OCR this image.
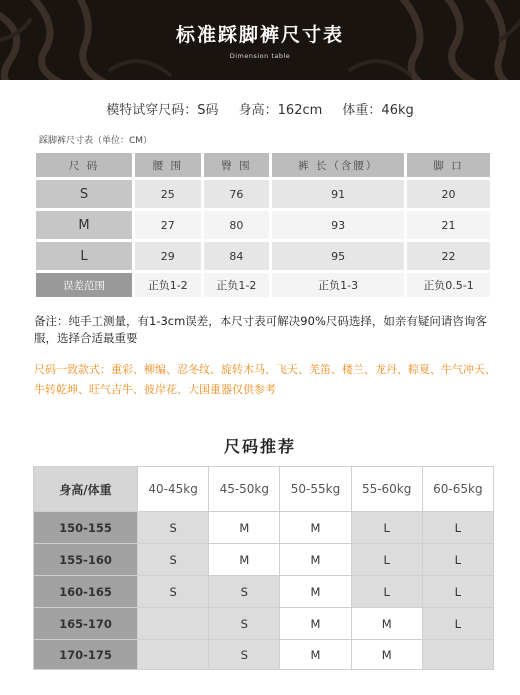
标准踩脚裤尺寸表
Dimension table
模特试穿尺码：S码 身高：162cm 体重：46kg
踩脚裤尺寸表（单位：CM）
尺 码	腰 围	臀 围	裤 长（含腰）	脚 口
S	25	76	91	20
M	27	80	93	21
L	29	84	95	22
误差范围	正负1-2	正负1-2	正负1-3	正负0.5-1
备注：纯手工测量，有1-3cm误差，本尺寸表可解决90%尺码选择，如亲有疑问请咨询客服，选择合适最重要
尺码一致款式：重彩、柳编、忍冬纹、旋转木马、飞天、羌笛、楼兰、龙丹、粽夏、牛气冲天、牛转乾坤、旺气吉牛、彼岸花、大国重器仅供参考
尺码推荐
身高/体重	40-45kg	45-50kg	50-55kg	55-60kg	60-65kg
150-155	S	M	M	L	L
155-160	S	M	M	L	L
160-165	S	S	M	L	L
165-170		S	M	M	L
170-175		S	M	M	
